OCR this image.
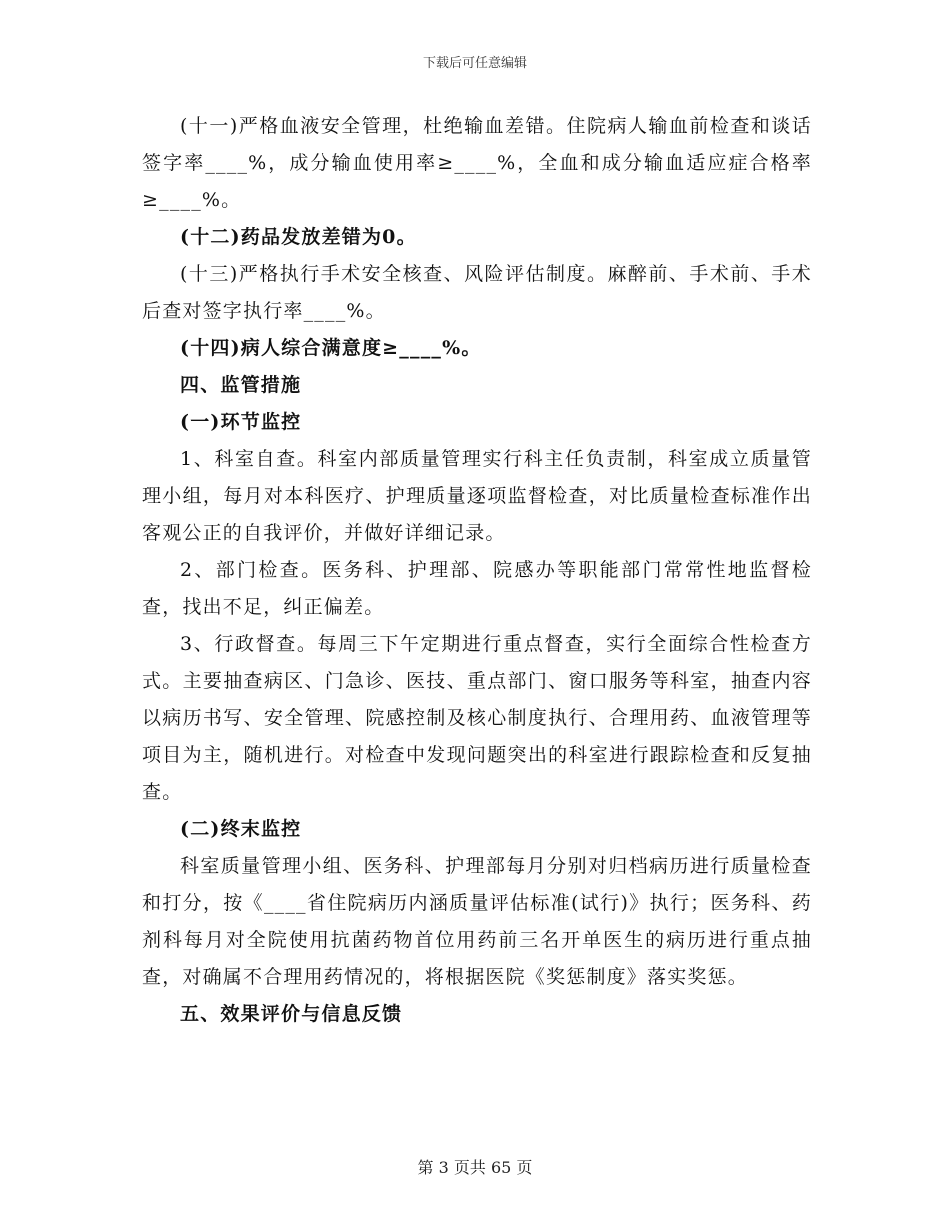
下载后可任意编辑

(十一)严格血液安全管理，杜绝输血差错。住院病人输血前检查和谈话签字率____%，成分输血使用率≥____%，全血和成分输血适应症合格率≥____%。

(十二)药品发放差错为0。

(十三)严格执行手术安全核查、风险评估制度。麻醉前、手术前、手术后查对签字执行率____%。

(十四)病人综合满意度≥____%。

四、监管措施

(一)环节监控

1、科室自查。科室内部质量管理实行科主任负责制，科室成立质量管理小组，每月对本科医疗、护理质量逐项监督检查，对比质量检查标准作出客观公正的自我评价，并做好详细记录。

2、部门检查。医务科、护理部、院感办等职能部门常常性地监督检查，找出不足，纠正偏差。

3、行政督查。每周三下午定期进行重点督查，实行全面综合性检查方式。主要抽查病区、门急诊、医技、重点部门、窗口服务等科室，抽查内容以病历书写、安全管理、院感控制及核心制度执行、合理用药、血液管理等项目为主，随机进行。对检查中发现问题突出的科室进行跟踪检查和反复抽查。

(二)终末监控

科室质量管理小组、医务科、护理部每月分别对归档病历进行质量检查和打分，按《____省住院病历内涵质量评估标准(试行)》执行；医务科、药剂科每月对全院使用抗菌药物首位用药前三名开单医生的病历进行重点抽查，对确属不合理用药情况的，将根据医院《奖惩制度》落实奖惩。

五、效果评价与信息反馈

第 3 页共 65 页
